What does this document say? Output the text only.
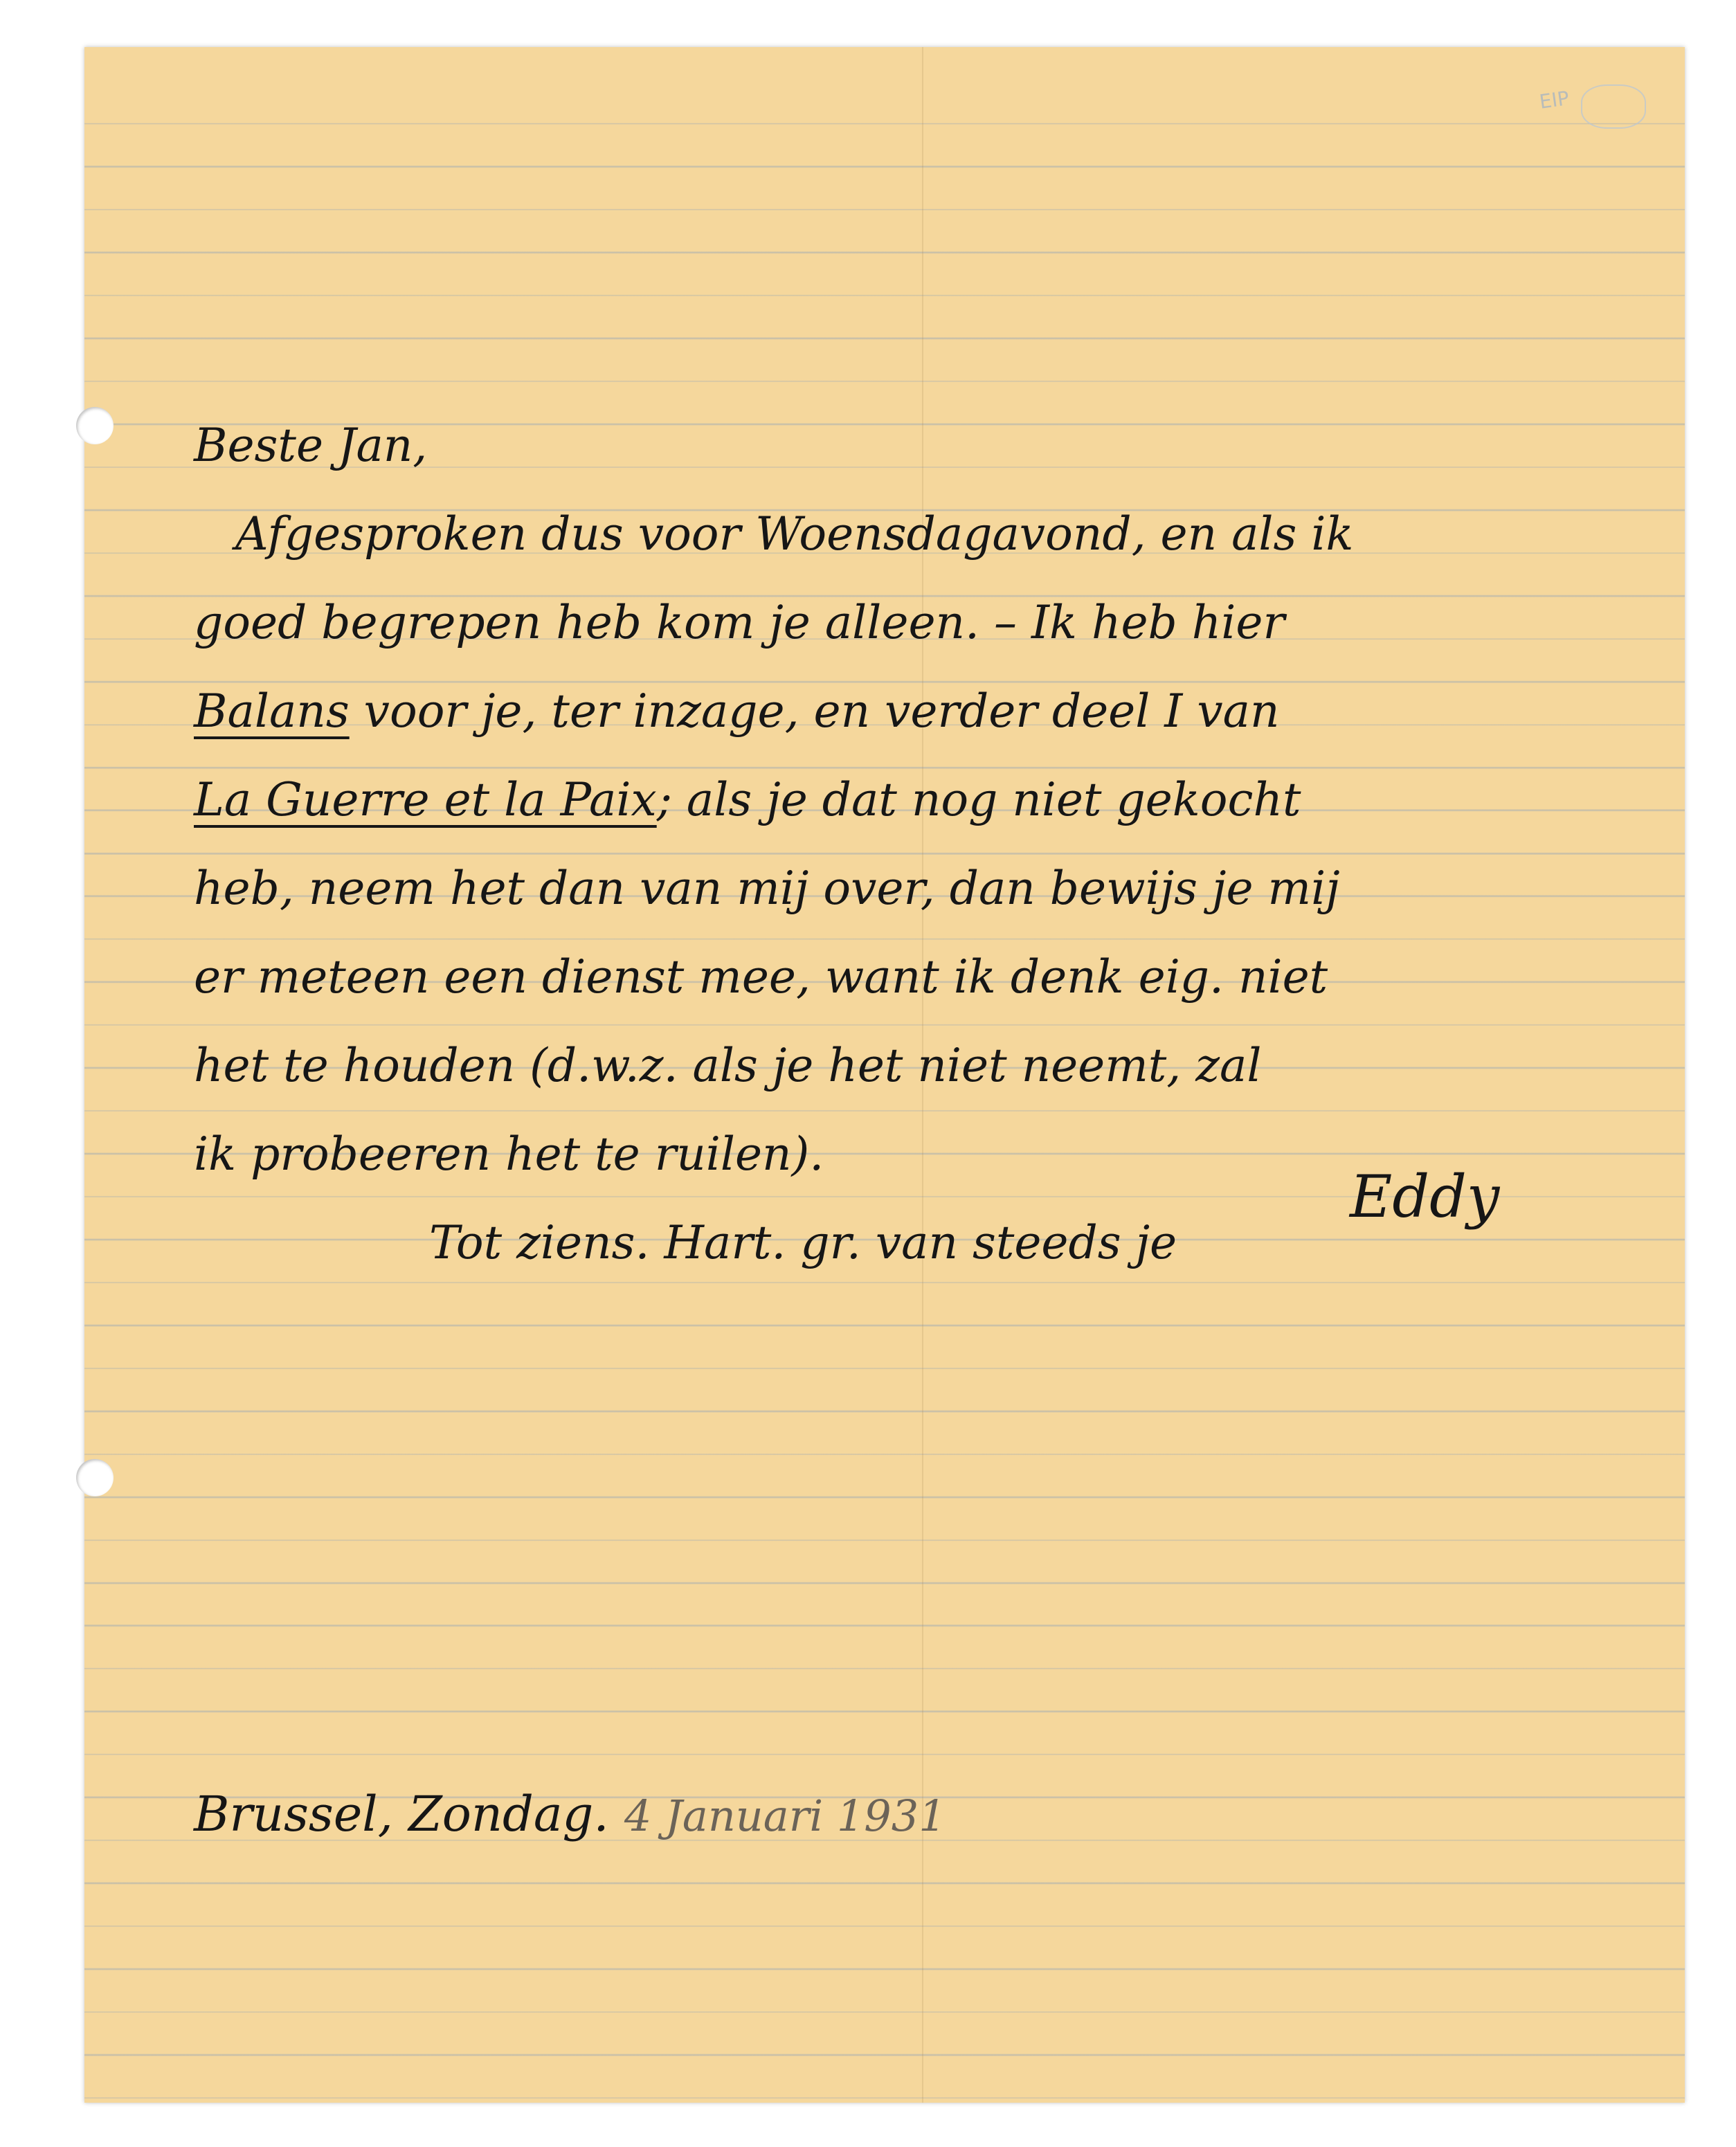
EIP

Beste Jan,

Afgesproken dus voor Woensdagavond, en als ik

goed begrepen heb kom je alleen. – Ik heb hier

Balans voor je, ter inzage, en verder deel I van

La Guerre et la Paix; als je dat nog niet gekocht

heb, neem het dan van mij over, dan bewijs je mij

er meteen een dienst mee, want ik denk eig. niet

het te houden (d.w.z. als je het niet neemt, zal

ik probeeren het te ruilen).

Tot ziens. Hart. gr. van steeds je

Eddy
Brussel, Zondag. 4 Januari 1931
